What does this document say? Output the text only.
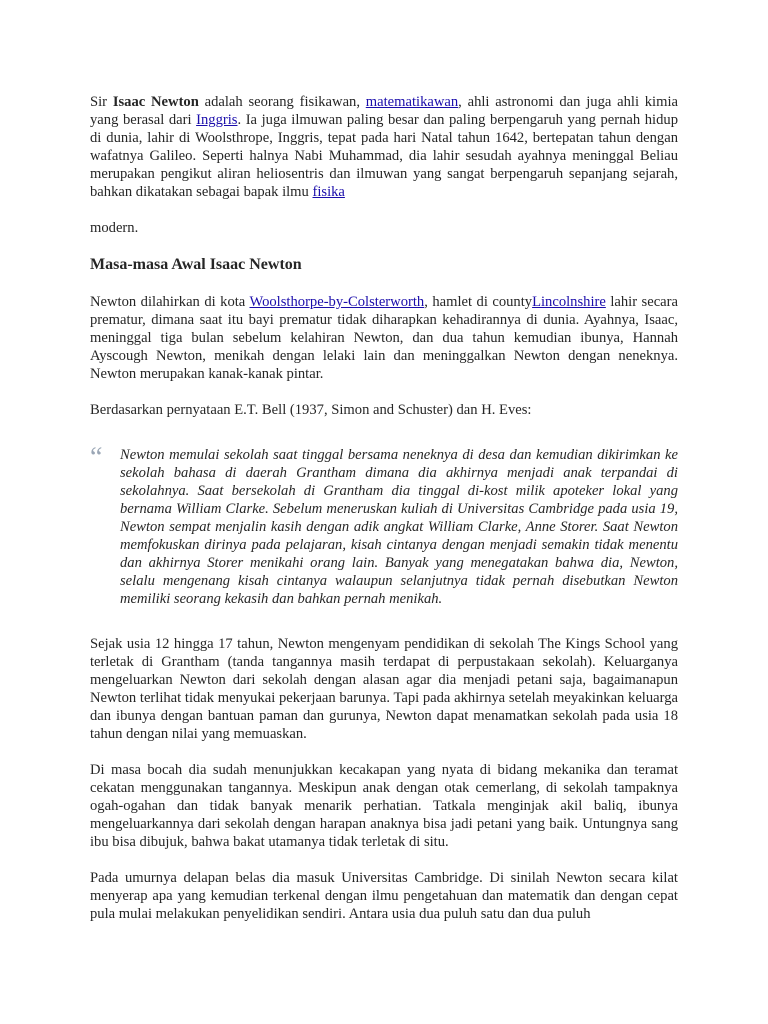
Sir Isaac Newton adalah seorang fisikawan, matematikawan, ahli astronomi dan juga ahli kimia yang berasal dari Inggris. Ia juga ilmuwan paling besar dan paling berpengaruh yang pernah hidup di dunia, lahir di Woolsthrope, Inggris, tepat pada hari Natal tahun 1642, bertepatan tahun dengan wafatnya Galileo. Seperti halnya Nabi Muhammad, dia lahir sesudah ayahnya meninggal Beliau merupakan pengikut aliran heliosentris dan ilmuwan yang sangat berpengaruh sepanjang sejarah, bahkan dikatakan sebagai bapak ilmu fisika

modern.

Masa-masa Awal Isaac Newton

Newton dilahirkan di kota Woolsthorpe-by-Colsterworth, hamlet di countyLincolnshire lahir secara prematur, dimana saat itu bayi prematur tidak diharapkan kehadirannya di dunia. Ayahnya, Isaac, meninggal tiga bulan sebelum kelahiran Newton, dan dua tahun kemudian ibunya, Hannah Ayscough Newton, menikah dengan lelaki lain dan meninggalkan Newton dengan neneknya. Newton merupakan kanak-kanak pintar.

Berdasarkan pernyataan E.T. Bell (1937, Simon and Schuster) dan H. Eves:

“ Newton memulai sekolah saat tinggal bersama neneknya di desa dan kemudian dikirimkan ke sekolah bahasa di daerah Grantham dimana dia akhirnya menjadi anak terpandai di sekolahnya. Saat bersekolah di Grantham dia tinggal di-kost milik apoteker lokal yang bernama William Clarke. Sebelum meneruskan kuliah di Universitas Cambridge pada usia 19, Newton sempat menjalin kasih dengan adik angkat William Clarke, Anne Storer. Saat Newton memfokuskan dirinya pada pelajaran, kisah cintanya dengan menjadi semakin tidak menentu dan akhirnya Storer menikahi orang lain. Banyak yang menegatakan bahwa dia, Newton, selalu mengenang kisah cintanya walaupun selanjutnya tidak pernah disebutkan Newton memiliki seorang kekasih dan bahkan pernah menikah.

Sejak usia 12 hingga 17 tahun, Newton mengenyam pendidikan di sekolah The Kings School yang terletak di Grantham (tanda tangannya masih terdapat di perpustakaan sekolah). Keluarganya mengeluarkan Newton dari sekolah dengan alasan agar dia menjadi petani saja, bagaimanapun Newton terlihat tidak menyukai pekerjaan barunya. Tapi pada akhirnya setelah meyakinkan keluarga dan ibunya dengan bantuan paman dan gurunya, Newton dapat menamatkan sekolah pada usia 18 tahun dengan nilai yang memuaskan.

Di masa bocah dia sudah menunjukkan kecakapan yang nyata di bidang mekanika dan teramat cekatan menggunakan tangannya. Meskipun anak dengan otak cemerlang, di sekolah tampaknya ogah-ogahan dan tidak banyak menarik perhatian. Tatkala menginjak akil baliq, ibunya mengeluarkannya dari sekolah dengan harapan anaknya bisa jadi petani yang baik. Untungnya sang ibu bisa dibujuk, bahwa bakat utamanya tidak terletak di situ.

Pada umurnya delapan belas dia masuk Universitas Cambridge. Di sinilah Newton secara kilat menyerap apa yang kemudian terkenal dengan ilmu pengetahuan dan matematik dan dengan cepat pula mulai melakukan penyelidikan sendiri. Antara usia dua puluh satu dan dua puluh
